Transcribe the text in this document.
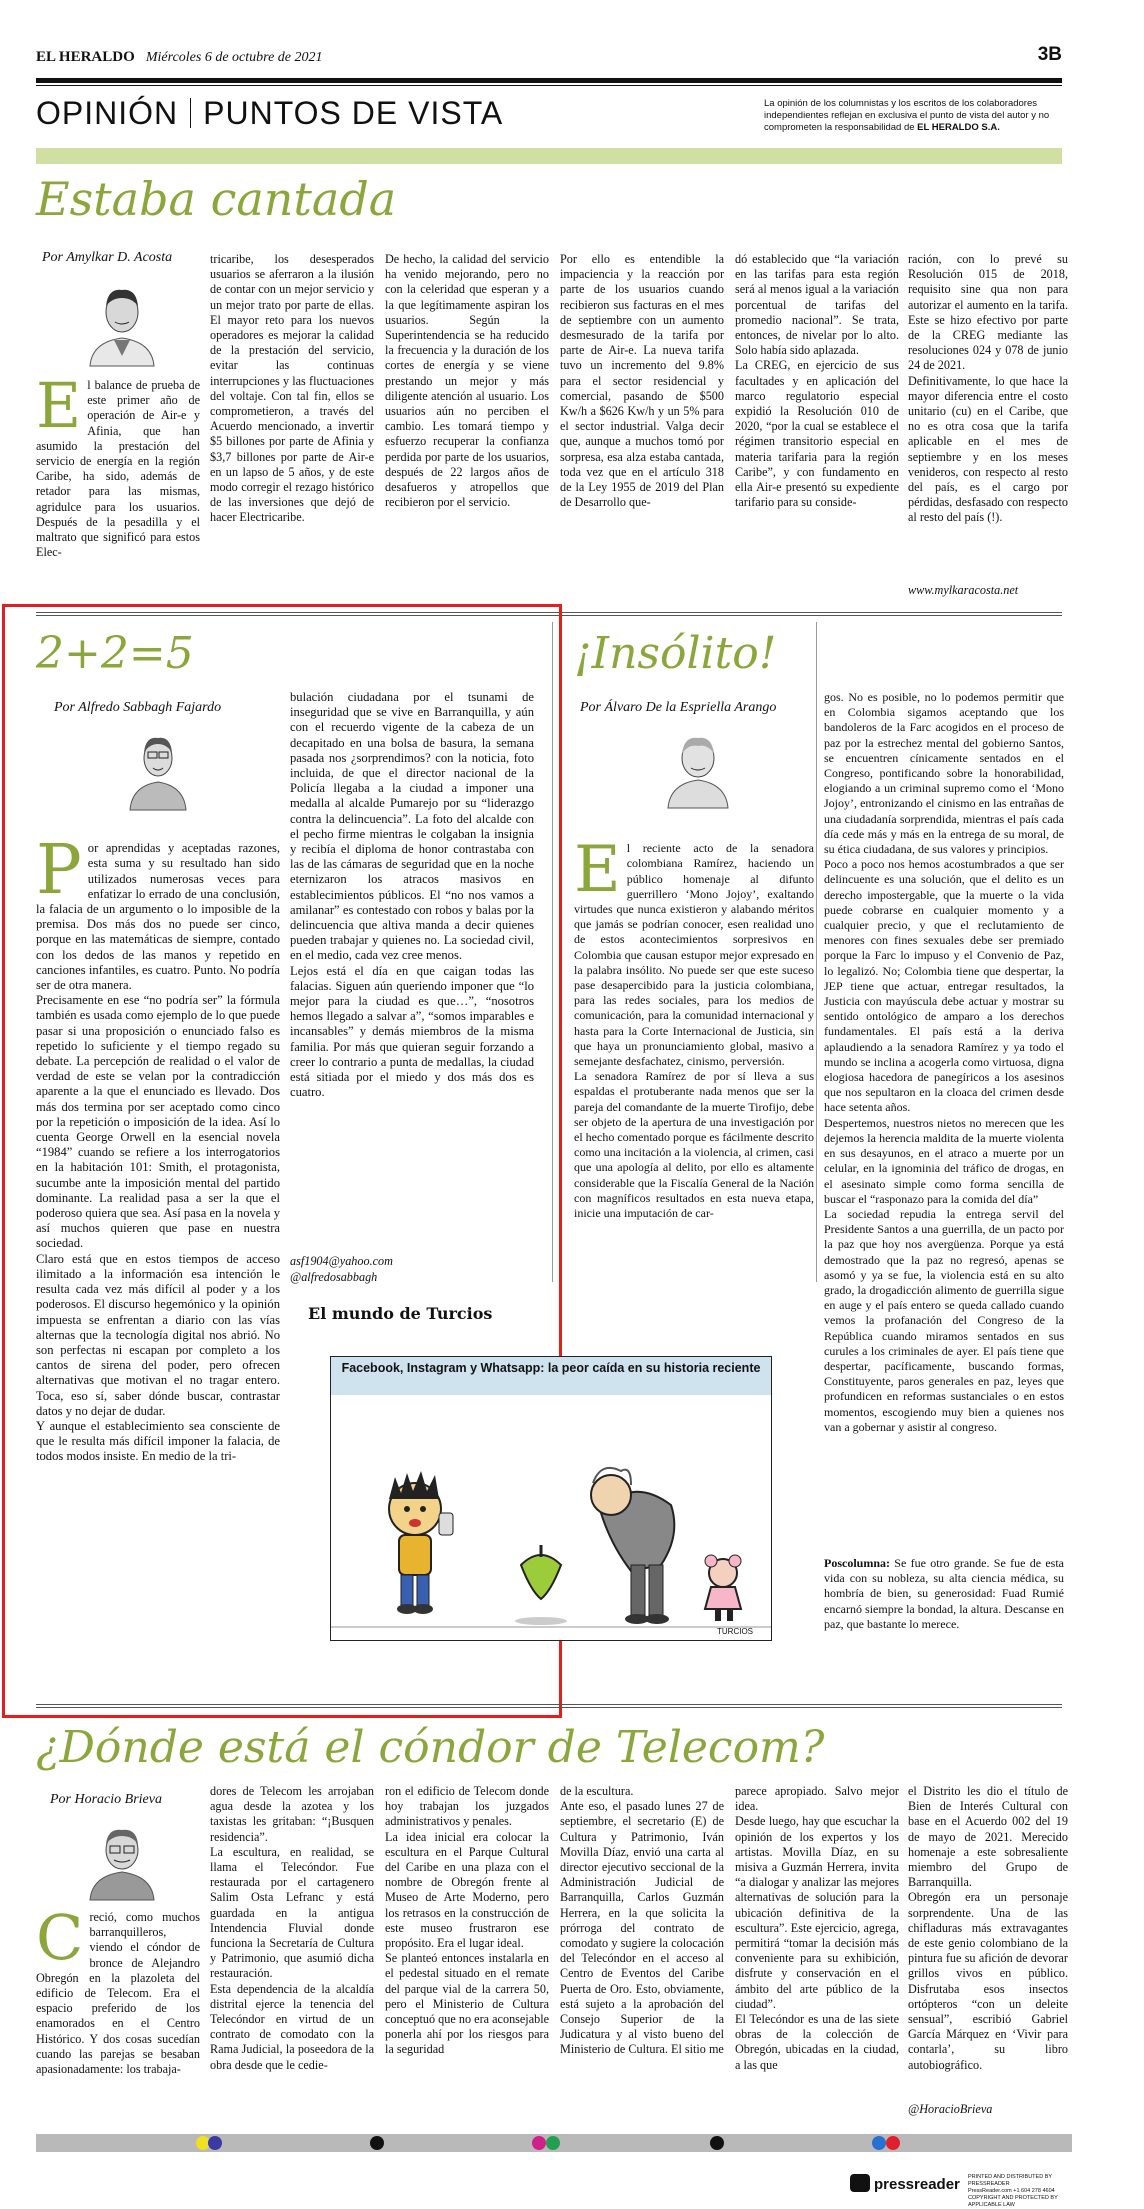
EL HERALDO Miércoles 6 de octubre de 2021	3B
OPINIÓN PUNTOS DE VISTA	La opinión de los columnistas y los escritos de los colaboradores independientes reflejan en exclusiva el punto de vista del autor y no comprometen la responsabilidad de EL HERALDO S.A.
Estaba cantada
Por Amylkar D. Acosta
E l balance de prueba de este primer año de operación de Air-e y Afinia, que han asumido la prestación del servicio de energía en la región Caribe, ha sido, además de retador para las mismas, agridulce para los usuarios. Después de la pesadilla y el maltrato que significó para estos Elec-
tricaribe, los desesperados usuarios se aferraron a la ilusión de contar con un mejor servicio y un mejor trato por parte de ellas. El mayor reto para los nuevos operadores es mejorar la calidad de la prestación del servicio, evitar las continuas interrupciones y las fluctuaciones del voltaje. Con tal fin, ellos se comprometieron, a través del Acuerdo mencionado, a invertir $5 billones por parte de Afinia y $3,7 billones por parte de Air-e en un lapso de 5 años, y de este modo corregir el rezago histórico de las inversiones que dejó de hacer Electricaribe.
De hecho, la calidad del servicio ha venido mejorando, pero no con la celeridad que esperan y a la que legítimamente aspiran los usuarios. Según la Superintendencia se ha reducido la frecuencia y la duración de los cortes de energía y se viene prestando un mejor y más diligente atención al usuario. Los usuarios aún no perciben el cambio. Les tomará tiempo y esfuerzo recuperar la confianza perdida por parte de los usuarios, después de 22 largos años de desafueros y atropellos que recibieron por el servicio.
Por ello es entendible la impaciencia y la reacción por parte de los usuarios cuando recibieron sus facturas en el mes de septiembre con un aumento desmesurado de la tarifa por parte de Air-e. La nueva tarifa tuvo un incremento del 9.8% para el sector residencial y comercial, pasando de $500 Kw/h a $626 Kw/h y un 5% para el sector industrial. Valga decir que, aunque a muchos tomó por sorpresa, esa alza estaba cantada, toda vez que en el artículo 318 de la Ley 1955 de 2019 del Plan de Desarrollo que-
dó establecido que “la variación en las tarifas para esta región será al menos igual a la variación porcentual de tarifas del promedio nacional”. Se trata, entonces, de nivelar por lo alto. Solo había sido aplazada.
La CREG, en ejercicio de sus facultades y en aplicación del marco regulatorio especial expidió la Resolución 010 de 2020, “por la cual se establece el régimen transitorio especial en materia tarifaria para la región Caribe”, y con fundamento en ella Air-e presentó su expediente tarifario para su conside-
ración, con lo prevé su Resolución 015 de 2018, requisito sine qua non para autorizar el aumento en la tarifa. Este se hizo efectivo por parte de la CREG mediante las resoluciones 024 y 078 de junio 24 de 2021.
Definitivamente, lo que hace la mayor diferencia entre el costo unitario (cu) en el Caribe, que no es otra cosa que la tarifa aplicable en el mes de septiembre y en los meses venideros, con respecto al resto del país, es el cargo por pérdidas, desfasado con respecto al resto del país (!).
www.mylkaracosta.net
2+2=5
Por Alfredo Sabbagh Fajardo

Por aprendidas y aceptadas razones, esta suma y su resultado han sido utilizados numerosas veces para enfatizar lo errado de una conclusión, la falacia de un argumento o lo imposible de la premisa. Dos más dos no puede ser cinco, porque en las matemáticas de siempre, contado con los dedos de las manos y repetido en canciones infantiles, es cuatro. Punto. No podría ser de otra manera.
Precisamente en ese “no podría ser” la fórmula también es usada como ejemplo de lo que puede pasar si una proposición o enunciado falso es repetido lo suficiente y el tiempo regado su debate. La percepción de realidad o el valor de verdad de este se velan por la contradicción aparente a la que el enunciado es llevado. Dos más dos termina por ser aceptado como cinco por la repetición o imposición de la idea. Así lo cuenta George Orwell en la esencial novela “1984” cuando se refiere a los interrogatorios en la habitación 101: Smith, el protagonista, sucumbe ante la imposición mental del partido dominante. La realidad pasa a ser la que el poderoso quiera que sea. Así pasa en la novela y así muchos quieren que pase en nuestra sociedad.
Claro está que en estos tiempos de acceso ilimitado a la información esa intención le resulta cada vez más difícil al poder y a los poderosos. El discurso hegemónico y la opinión impuesta se enfrentan a diario con las vías alternas que la tecnología digital nos abrió. No son perfectas ni escapan por completo a los cantos de sirena del poder, pero ofrecen alternativas que motivan el no tragar entero. Toca, eso sí, saber dónde buscar, contrastar datos y no dejar de dudar.
Y aunque el establecimiento sea consciente de que le resulta más difícil imponer la falacia, de todos modos insiste. En medio de la tri-

bulación ciudadana por el tsunami de inseguridad que se vive en Barranquilla, y aún con el recuerdo vigente de la cabeza de un decapitado en una bolsa de basura, la semana pasada nos ¿sorprendimos? con la noticia, foto incluida, de que el director nacional de la Policía llegaba a la ciudad a imponer una medalla al alcalde Pumarejo por su “liderazgo contra la delincuencia”. La foto del alcalde con el pecho firme mientras le colgaban la insignia y recibía el diploma de honor contrastaba con las de las cámaras de seguridad que en la noche eternizaron los atracos masivos en establecimientos públicos. El “no nos vamos a amilanar” es contestado con robos y balas por la delincuencia que altiva manda a decir quienes pueden trabajar y quienes no. La sociedad civil, en el medio, cada vez cree menos.
Lejos está el día en que caigan todas las falacias. Siguen aún queriendo imponer que “lo mejor para la ciudad es que…”, “nosotros hemos llegado a salvar a”, “somos imparables e incansables” y demás miembros de la misma familia. Por más que quieran seguir forzando a creer lo contrario a punta de medallas, la ciudad está sitiada por el miedo y dos más dos es cuatro.
asf1904@yahoo.com
@alfredosabbagh
El mundo de Turcios
Facebook, Instagram y Whatsapp: la peor caída en su historia reciente
TURCIOS
¡Insólito!
Por Álvaro De la Espriella Arango

El reciente acto de la senadora colombiana Ramírez, haciendo un público homenaje al difunto guerrillero ‘Mono Jojoy’, exaltando virtudes que nunca existieron y alabando méritos que jamás se podrían conocer, esen realidad uno de estos acontecimientos sorpresivos en Colombia que causan estupor mejor expresado en la palabra insólito. No puede ser que este suceso pase desapercibido para la justicia colombiana, para las redes sociales, para los medios de comunicación, para la comunidad internacional y hasta para la Corte Internacional de Justicia, sin que haya un pronunciamiento global, masivo a semejante desfachatez, cinismo, perversión.
La senadora Ramírez de por sí lleva a sus espaldas el protuberante nada menos que ser la pareja del comandante de la muerte Tirofijo, debe ser objeto de la apertura de una investigación por el hecho comentado porque es fácilmente descrito como una incitación a la violencia, al crimen, casi que una apología al delito, por ello es altamente considerable que la Fiscalía General de la Nación con magníficos resultados en esta nueva etapa, inicie una imputación de car-

gos. No es posible, no lo podemos permitir que en Colombia sigamos aceptando que los bandoleros de la Farc acogidos en el proceso de paz por la estrechez mental del gobierno Santos, se encuentren cínicamente sentados en el Congreso, pontificando sobre la honorabilidad, elogiando a un criminal supremo como el ‘Mono Jojoy’, entronizando el cinismo en las entrañas de una ciudadanía sorprendida, mientras el país cada día cede más y más en la entrega de su moral, de su ética ciudadana, de sus valores y principios.
Poco a poco nos hemos acostumbrados a que ser delincuente es una solución, que el delito es un derecho impostergable, que la muerte o la vida puede cobrarse en cualquier momento y a cualquier precio, y que el reclutamiento de menores con fines sexuales debe ser premiado porque la Farc lo impuso y el Convenio de Paz, lo legalizó. No; Colombia tiene que despertar, la JEP tiene que actuar, entregar resultados, la Justicia con mayúscula debe actuar y mostrar su sentido ontológico de amparo a los derechos fundamentales. El país está a la deriva aplaudiendo a la senadora Ramírez y ya todo el mundo se inclina a acogerla como virtuosa, digna elogiosa hacedora de panegíricos a los asesinos que nos sepultaron en la cloaca del crimen desde hace setenta años.
Despertemos, nuestros nietos no merecen que les dejemos la herencia maldita de la muerte violenta en sus desayunos, en el atraco a muerte por un celular, en la ignominia del tráfico de drogas, en el asesinato simple como forma sencilla de buscar el “rasponazo para la comida del día”
La sociedad repudia la entrega servil del Presidente Santos a una guerrilla, de un pacto por la paz que hoy nos avergüenza. Porque ya está demostrado que la paz no regresó, apenas se asomó y ya se fue, la violencia está en su alto grado, la drogadicción alimento de guerrilla sigue en auge y el país entero se queda callado cuando vemos la profanación del Congreso de la República cuando miramos sentados en sus curules a los criminales de ayer. El país tiene que despertar, pacíficamente, buscando formas, Constituyente, paros generales en paz, leyes que profundicen en reformas sustanciales o en estos momentos, escogiendo muy bien a quienes nos van a gobernar y asistir al congreso.
Poscolumna: Se fue otro grande. Se fue de esta vida con su nobleza, su alta ciencia médica, su hombría de bien, su generosidad: Fuad Rumié encarnó siempre la bondad, la altura. Descanse en paz, que bastante lo merece.
¿Dónde está el cóndor de Telecom?
Por Horacio Brieva
Creció, como muchos barranquilleros, viendo el cóndor de bronce de Alejandro Obregón en la plazoleta del edificio de Telecom. Era el espacio preferido de los enamorados en el Centro Histórico. Y dos cosas sucedían cuando las parejas se besaban apasionadamente: los trabaja-
dores de Telecom les arrojaban agua desde la azotea y los taxistas les gritaban: “¡Busquen residencia”.
La escultura, en realidad, se llama el Telecóndor. Fue restaurada por el cartagenero Salim Osta Lefranc y está guardada en la antigua Intendencia Fluvial donde funciona la Secretaría de Cultura y Patrimonio, que asumió dicha restauración.
Esta dependencia de la alcaldía distrital ejerce la tenencia del Telecóndor en virtud de un contrato de comodato con la Rama Judicial, la poseedora de la obra desde que le cedie-
ron el edificio de Telecom donde hoy trabajan los juzgados administrativos y penales.
La idea inicial era colocar la escultura en el Parque Cultural del Caribe en una plaza con el nombre de Obregón frente al Museo de Arte Moderno, pero los retrasos en la construcción de este museo frustraron ese propósito. Era el lugar ideal.
Se planteó entonces instalarla en el pedestal situado en el remate del parque vial de la carrera 50, pero el Ministerio de Cultura conceptuó que no era aconsejable ponerla ahí por los riesgos para la seguridad
de la escultura.
Ante eso, el pasado lunes 27 de septiembre, el secretario (E) de Cultura y Patrimonio, Iván Movilla Díaz, envió una carta al director ejecutivo seccional de la Administración Judicial de Barranquilla, Carlos Guzmán Herrera, en la que solicita la prórroga del contrato de comodato y sugiere la colocación del Telecóndor en el acceso al Centro de Eventos del Caribe Puerta de Oro. Esto, obviamente, está sujeto a la aprobación del Consejo Superior de la Judicatura y al visto bueno del Ministerio de Cultura. El sitio me
parece apropiado. Salvo mejor idea.
Desde luego, hay que escuchar la opinión de los expertos y los artistas. Movilla Díaz, en su misiva a Guzmán Herrera, invita “a dialogar y analizar las mejores alternativas de solución para la ubicación definitiva de la escultura”. Este ejercicio, agrega, permitirá “tomar la decisión más conveniente para su exhibición, disfrute y conservación en el ámbito del arte público de la ciudad”.
El Telecóndor es una de las siete obras de la colección de Obregón, ubicadas en la ciudad, a las que
el Distrito les dio el título de Bien de Interés Cultural con base en el Acuerdo 002 del 19 de mayo de 2021. Merecido homenaje a este sobresaliente miembro del Grupo de Barranquilla.
Obregón era un personaje sorprendente. Una de las chifladuras más extravagantes de este genio colombiano de la pintura fue su afición de devorar grillos vivos en público. Disfrutaba esos insectos ortópteros “con un deleite sensual”, escribió Gabriel García Márquez en ‘Vivir para contarla’, su libro autobiográfico.
@HoracioBrieva
pressreader PRINTED AND DISTRIBUTED BY PRESSREADER
PressReader.com +1 604 278 4604
COPYRIGHT AND PROTECTED BY APPLICABLE LAW
